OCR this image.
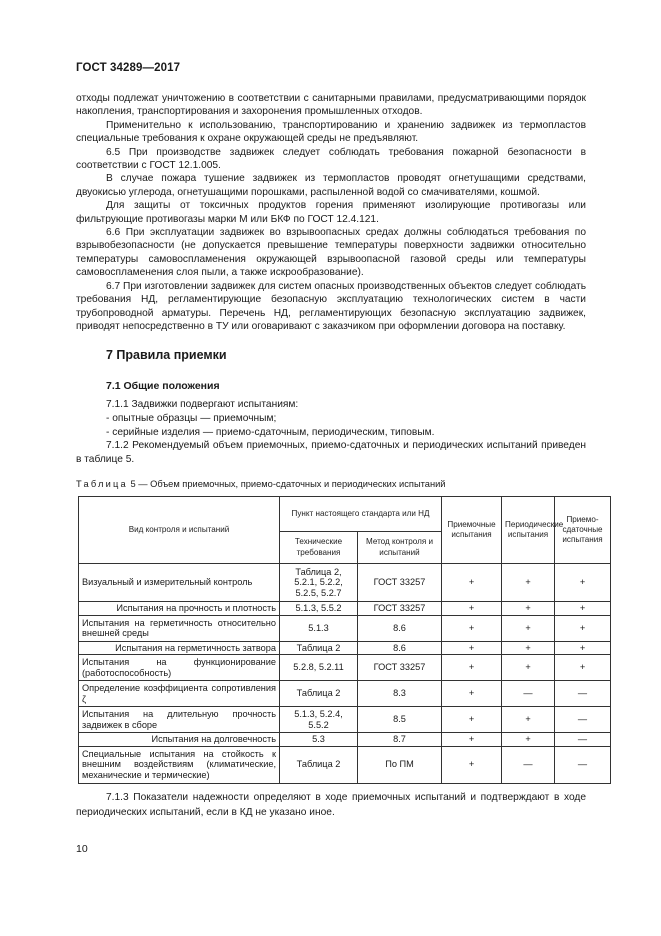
ГОСТ 34289—2017

отходы подлежат уничтожению в соответствии с санитарными правилами, предусматривающими порядок накопления, транспортирования и захоронения промышленных отходов.

Применительно к использованию, транспортированию и хранению задвижек из термопластов специальные требования к охране окружающей среды не предъявляют.

6.5 При производстве задвижек следует соблюдать требования пожарной безопасности в соответствии с ГОСТ 12.1.005.

В случае пожара тушение задвижек из термопластов проводят огнетушащими средствами, двуокисью углерода, огнетушащими порошками, распыленной водой со смачивателями, кошмой.

Для защиты от токсичных продуктов горения применяют изолирующие противогазы или фильтрующие противогазы марки М или БКФ по ГОСТ 12.4.121.

6.6 При эксплуатации задвижек во взрывоопасных средах должны соблюдаться требования по взрывобезопасности (не допускается превышение температуры поверхности задвижки относительно температуры самовоспламенения окружающей взрывоопасной газовой среды или температуры самовоспламенения слоя пыли, а также искрообразование).

6.7 При изготовлении задвижек для систем опасных производственных объектов следует соблюдать требования НД, регламентирующие безопасную эксплуатацию технологических систем в части трубопроводной арматуры. Перечень НД, регламентирующих безопасную эксплуатацию задвижек, приводят непосредственно в ТУ или оговаривают с заказчиком при оформлении договора на поставку.

7 Правила приемки
7.1 Общие положения

7.1.1 Задвижки подвергают испытаниям:

- опытные образцы — приемочным;

- серийные изделия — приемо-сдаточным, периодическим, типовым.

7.1.2 Рекомендуемый объем приемочных, приемо-сдаточных и периодических испытаний приведен в таблице 5.

Таблица 5 — Объем приемочных, приемо-сдаточных и периодических испытаний
Вид контроля и испытаний	Пункт настоящего стандарта или НД		Приемочные испытания	Периодические испытания	Приемо-сдаточные испытания
	Технические требования	Метод контроля и испытаний			
Визуальный и измерительный контроль	Таблица 2, 5.2.1, 5.2.2, 5.2.5, 5.2.7	ГОСТ 33257	+	+	+
Испытания на прочность и плотность	5.1.3, 5.5.2	ГОСТ 33257	+	+	+
Испытания на герметичность относительно внешней среды	5.1.3	8.6	+	+	+
Испытания на герметичность затвора	Таблица 2	8.6	+	+	+
Испытания на функционирование (работоспособность)	5.2.8, 5.2.11	ГОСТ 33257	+	+	+
Определение коэффициента сопротивления ζ	Таблица 2	8.3	+	—	—
Испытания на длительную прочность задвижек в сборе	5.1.3, 5.2.4, 5.5.2	8.5	+	+	—
Испытания на долговечность	5.3	8.7	+	+	—
Специальные испытания на стойкость к внешним воздействиям (климатические, механические и термические)	Таблица 2	По ПМ	+	—	—

7.1.3 Показатели надежности определяют в ходе приемочных испытаний и подтверждают в ходе периодических испытаний, если в КД не указано иное.

10
